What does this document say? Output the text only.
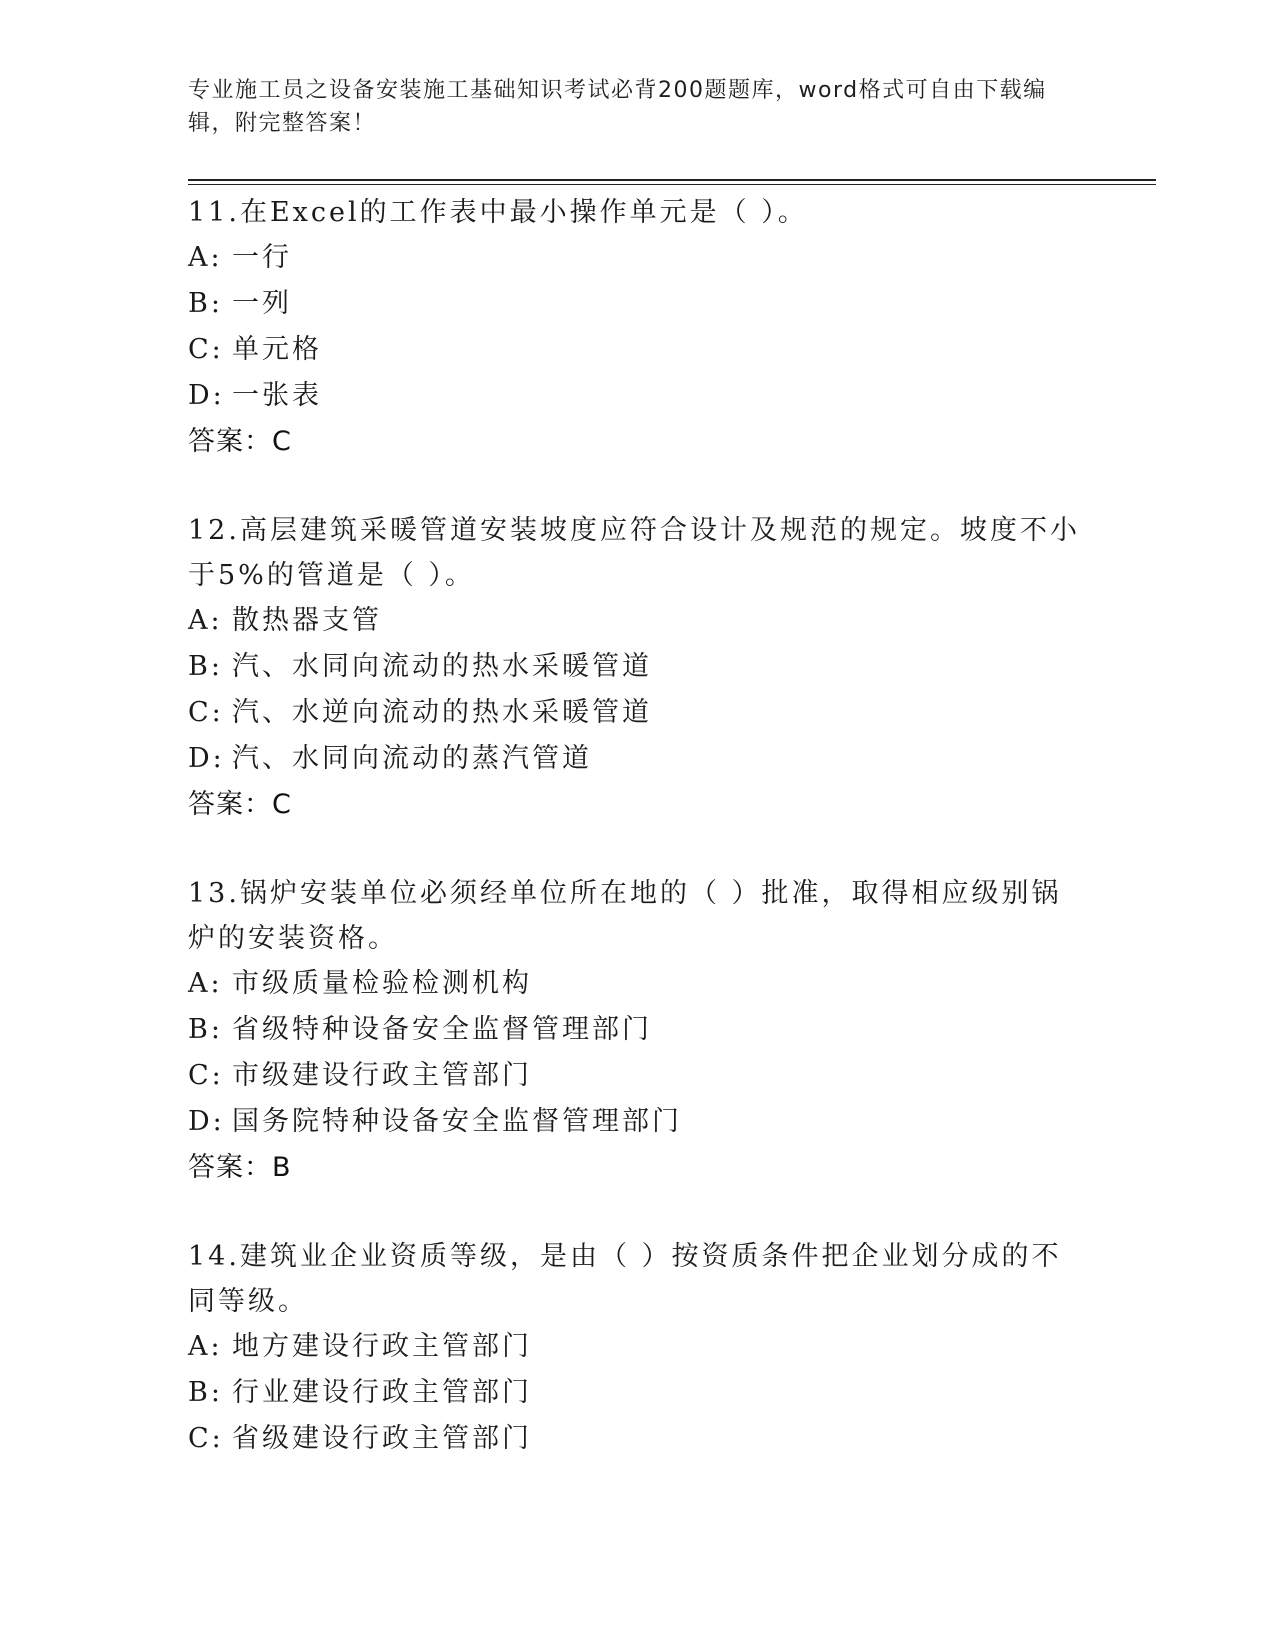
专业施工员之设备安装施工基础知识考试必背200题题库，word格式可自由下载编辑，附完整答案！

11.在Excel的工作表中最小操作单元是（ ）。

A: 一行
B: 一列
C: 单元格
D: 一张表
答案：C

12.高层建筑采暖管道安装坡度应符合设计及规范的规定。坡度不小于5%的管道是（ ）。

A: 散热器支管
B: 汽、水同向流动的热水采暖管道
C: 汽、水逆向流动的热水采暖管道
D: 汽、水同向流动的蒸汽管道
答案：C

13.锅炉安装单位必须经单位所在地的（ ）批准，取得相应级别锅炉的安装资格。

A: 市级质量检验检测机构
B: 省级特种设备安全监督管理部门
C: 市级建设行政主管部门
D: 国务院特种设备安全监督管理部门
答案：B

14.建筑业企业资质等级，是由（ ）按资质条件把企业划分成的不同等级。

A: 地方建设行政主管部门
B: 行业建设行政主管部门
C: 省级建设行政主管部门
